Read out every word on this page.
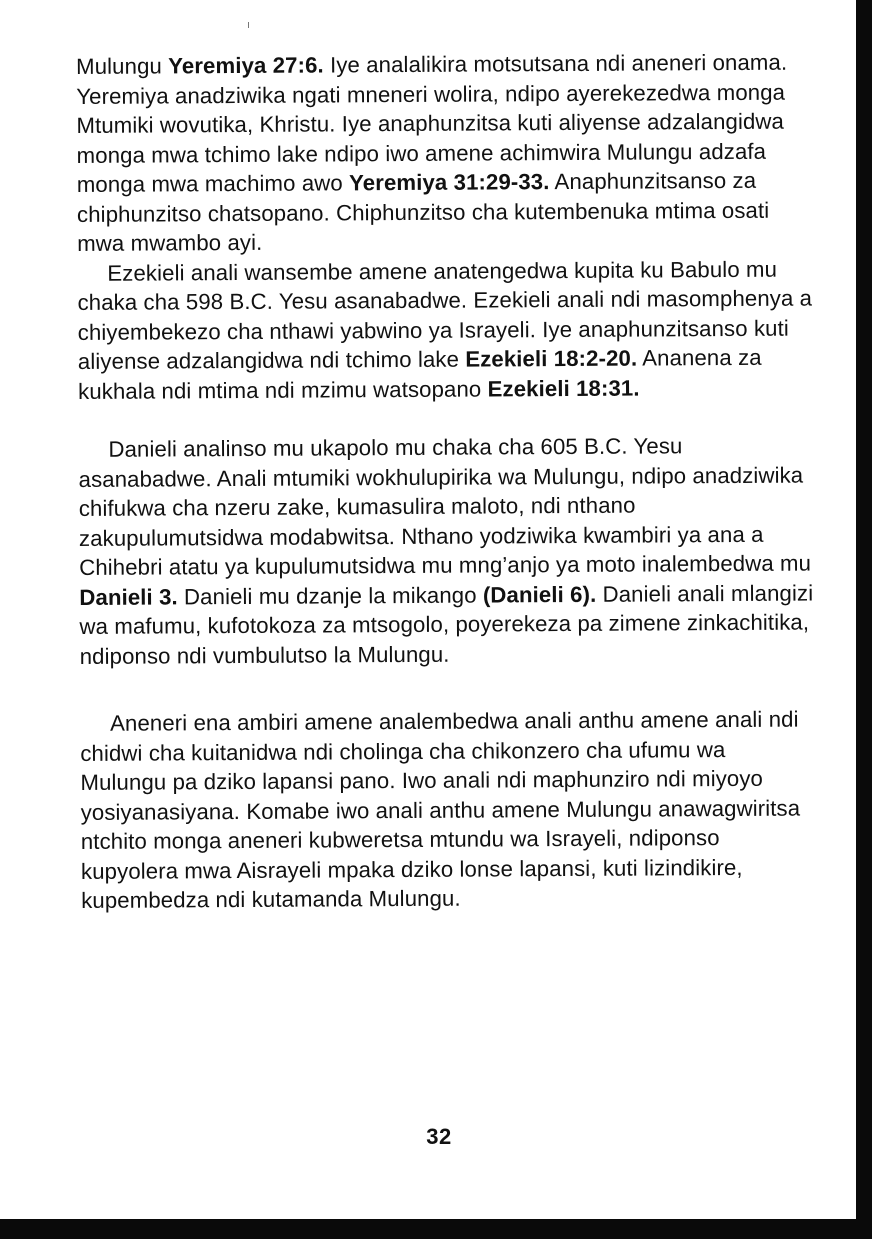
Mulungu Yeremiya 27:6. Iye analalikira motsutsana ndi aneneri onama. Yeremiya anadziwika ngati mneneri wolira, ndipo ayerekezedwa monga Mtumiki wovutika, Khristu. Iye anaphunzitsa kuti aliyense adzalangidwa monga mwa tchimo lake ndipo iwo amene achimwira Mulungu adzafa monga mwa machimo awo Yeremiya 31:29-33. Anaphunzitsanso za chiphunzitso chatsopano. Chiphunzitso cha kutembenuka mtima osati mwa mwambo ayi.

Ezekieli anali wansembe amene anatengedwa kupita ku Babulo mu chaka cha 598 B.C. Yesu asanabadwe. Ezekieli anali ndi masomphenya a chiyembekezo cha nthawi yabwino ya Israyeli. Iye anaphunzitsanso kuti aliyense adzalangidwa ndi tchimo lake Ezekieli 18:2-20. Ananena za kukhala ndi mtima ndi mzimu watsopano Ezekieli 18:31.

Danieli analinso mu ukapolo mu chaka cha 605 B.C. Yesu asanabadwe. Anali mtumiki wokhulupirika wa Mulungu, ndipo anadziwika chifukwa cha nzeru zake, kumasulira maloto, ndi nthano zakupulumutsidwa modabwitsa. Nthano yodziwika kwambiri ya ana a Chihebri atatu ya kupulumutsidwa mu mng’anjo ya moto inalembedwa mu Danieli 3. Danieli mu dzanje la mikango (Danieli 6). Danieli anali mlangizi wa mafumu, kufotokoza za mtsogolo, poyerekeza pa zimene zinkachitika, ndiponso ndi vumbulutso la Mulungu.

Aneneri ena ambiri amene analembedwa anali anthu amene anali ndi chidwi cha kuitanidwa ndi cholinga cha chikonzero cha ufumu wa Mulungu pa dziko lapansi pano. Iwo anali ndi maphunziro ndi miyoyo yosiyanasiyana. Komabe iwo anali anthu amene Mulungu anawagwiritsa ntchito monga aneneri kubweretsa mtundu wa Israyeli, ndiponso kupyolera mwa Aisrayeli mpaka dziko lonse lapansi, kuti lizindikire, kupembedza ndi kutamanda Mulungu.

32
